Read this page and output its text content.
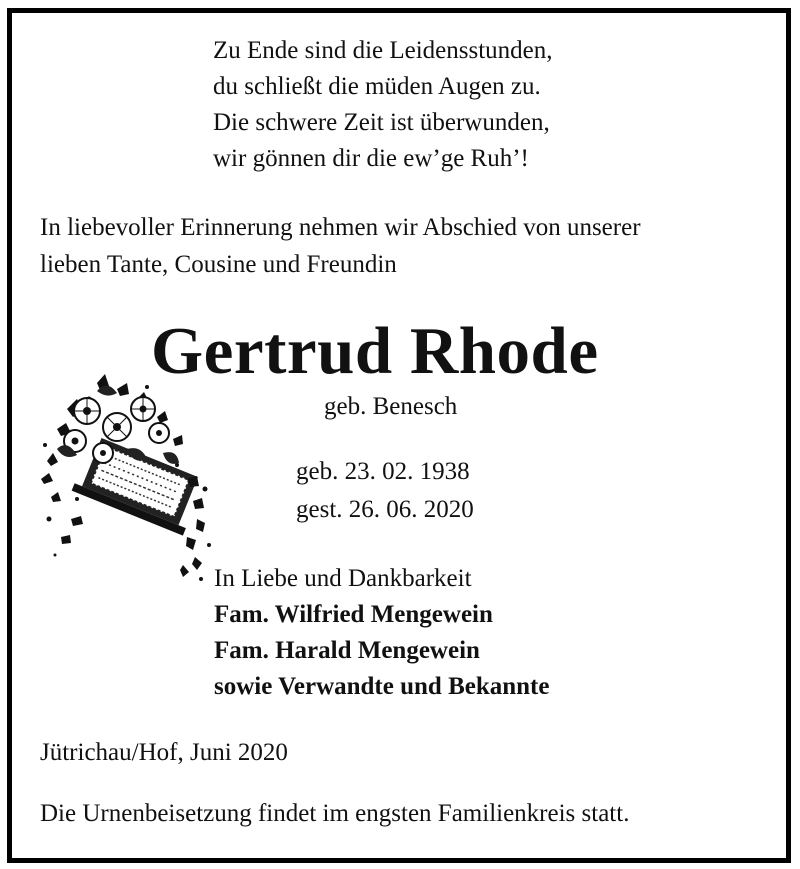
Zu Ende sind die Leidensstunden,
du schließt die müden Augen zu.
Die schwere Zeit ist überwunden,
wir gönnen dir die ew’ge Ruh’!
In liebevoller Erinnerung nehmen wir Abschied von unserer
lieben Tante, Cousine und Freundin
Gertrud Rhode
geb. Benesch
geb. 23. 02. 1938
gest. 26. 06. 2020
In Liebe und Dankbarkeit
Fam. Wilfried Mengewein
Fam. Harald Mengewein
sowie Verwandte und Bekannte
Jütrichau/Hof, Juni 2020
Die Urnenbeisetzung findet im engsten Familienkreis statt.
